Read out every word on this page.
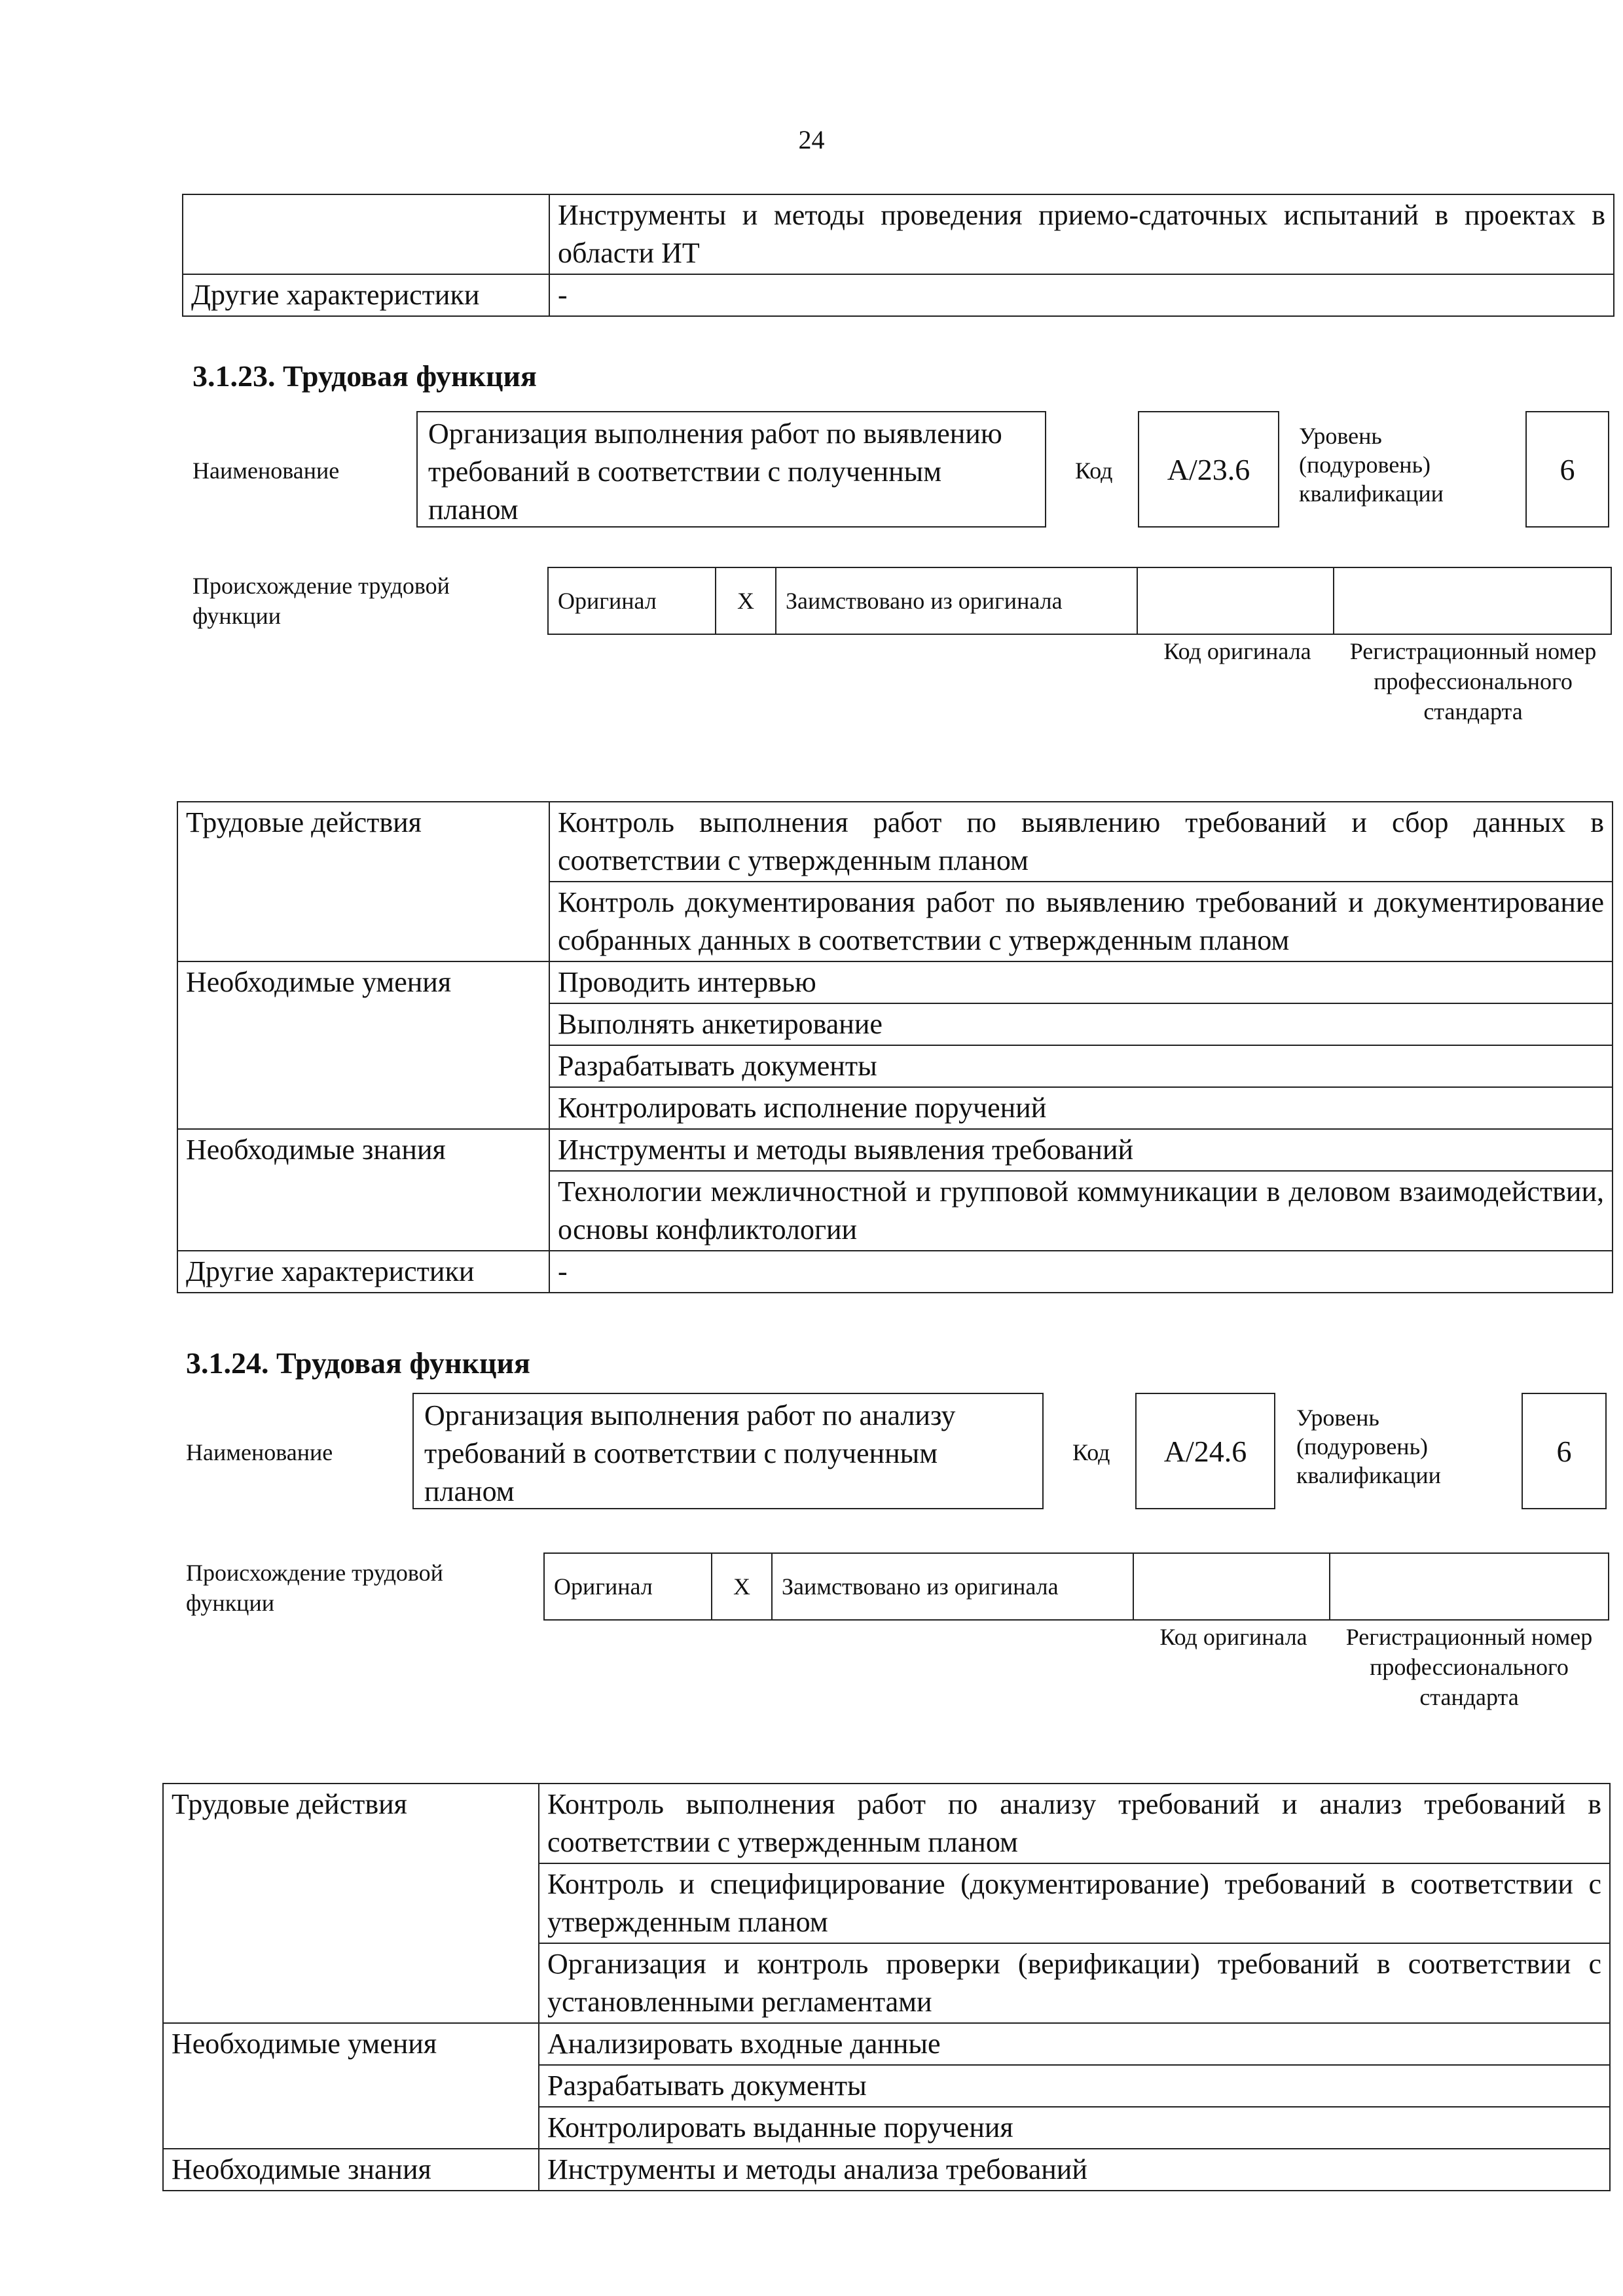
24
	Инструменты и методы проведения приемо-сдаточных испытаний в проектах в области ИТ
Другие характеристики	-
3.1.23. Трудовая функция
Наименование
Организация выполнения работ по выявлению требований в соответствии с полученным планом
Код	А/23.6
Уровень (подуровень) квалификации
6
Происхождение трудовой функции
Оригинал	Х	Заимствовано из оригинала		
Код оригинала	Регистрационный номер профессионального стандарта
Трудовые действия	Контроль выполнения работ по выявлению требований и сбор данных в соответствии с утвержденным планом
	Контроль документирования работ по выявлению требований и документирование собранных данных в соответствии с утвержденным планом
Необходимые умения	Проводить интервью
	Выполнять анкетирование
	Разрабатывать документы
	Контролировать исполнение поручений
Необходимые знания	Инструменты и методы выявления требований
	Технологии межличностной и групповой коммуникации в деловом взаимодействии, основы конфликтологии
Другие характеристики	-
3.1.24. Трудовая функция
Наименование
Организация выполнения работ по анализу требований в соответствии с полученным планом
Код	А/24.6
Уровень (подуровень) квалификации
6
Происхождение трудовой функции
Оригинал	Х	Заимствовано из оригинала		
Код оригинала	Регистрационный номер профессионального стандарта
Трудовые действия	Контроль выполнения работ по анализу требований и анализ требований в соответствии с утвержденным планом
	Контроль и специфицирование (документирование) требований в соответствии с утвержденным планом
	Организация и контроль проверки (верификации) требований в соответствии с установленными регламентами
Необходимые умения	Анализировать входные данные
	Разрабатывать документы
	Контролировать выданные поручения
Необходимые знания	Инструменты и методы анализа требований
